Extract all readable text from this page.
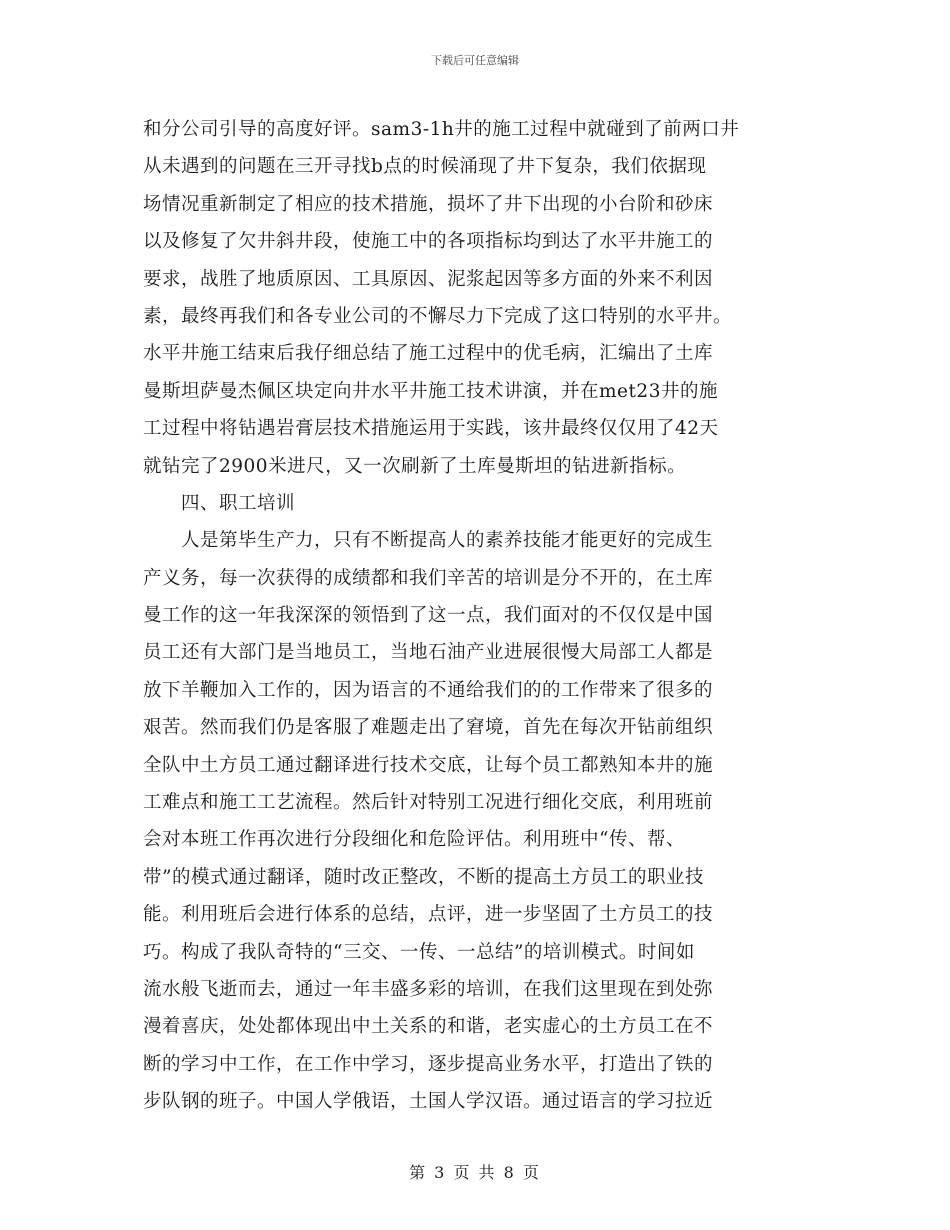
下载后可任意编辑
和分公司引导的高度好评。sam3-1h井的施工过程中就碰到了前两口井
从未遇到的问题在三开寻找b点的时候涌现了井下复杂，我们依据现
场情况重新制定了相应的技术措施，损坏了井下出现的小台阶和砂床
以及修复了欠井斜井段，使施工中的各项指标均到达了水平井施工的
要求，战胜了地质原因、工具原因、泥浆起因等多方面的外来不利因
素，最终再我们和各专业公司的不懈尽力下完成了这口特别的水平井。
水平井施工结束后我仔细总结了施工过程中的优毛病，汇编出了土库
曼斯坦萨曼杰佩区块定向井水平井施工技术讲演，并在met23井的施
工过程中将钻遇岩膏层技术措施运用于实践，该井最终仅仅用了42天
就钻完了2900米进尺，又一次刷新了土库曼斯坦的钻进新指标。
四、职工培训
人是第毕生产力，只有不断提高人的素养技能才能更好的完成生
产义务，每一次获得的成绩都和我们辛苦的培训是分不开的，在土库
曼工作的这一年我深深的领悟到了这一点，我们面对的不仅仅是中国
员工还有大部门是当地员工，当地石油产业进展很慢大局部工人都是
放下羊鞭加入工作的，因为语言的不通给我们的的工作带来了很多的
艰苦。然而我们仍是客服了难题走出了窘境，首先在每次开钻前组织
全队中土方员工通过翻译进行技术交底，让每个员工都熟知本井的施
工难点和施工工艺流程。然后针对特别工况进行细化交底，利用班前
会对本班工作再次进行分段细化和危险评估。利用班中“传、帮、
带”的模式通过翻译，随时改正整改，不断的提高土方员工的职业技
能。利用班后会进行体系的总结，点评，进一步坚固了土方员工的技
巧。构成了我队奇特的“三交、一传、一总结”的培训模式。时间如
流水般飞逝而去，通过一年丰盛多彩的培训，在我们这里现在到处弥
漫着喜庆，处处都体现出中土关系的和谐，老实虚心的土方员工在不
断的学习中工作，在工作中学习，逐步提高业务水平，打造出了铁的
步队钢的班子。中国人学俄语，土国人学汉语。通过语言的学习拉近
第 3 页 共 8 页
